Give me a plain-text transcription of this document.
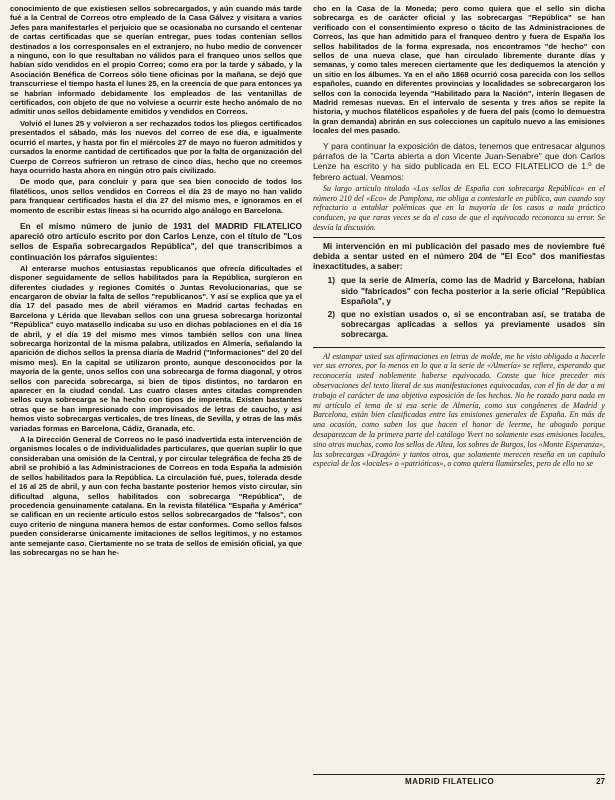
conocimiento de que existiesen sellos sobrecargados, y aún cuando más tarde fué a la Central de Correos otro empleado de la Casa Gálvez y visitara a varios Jefes para manifestarles el perjuicio que se ocasionaba no cursando el centenar de cartas certificadas que se querían entregar, pues todas contenían sellos destinados a los corresponsales en el extranjero, no hubo medio de convencer a ninguno, con lo que resultaban no válidos para el franqueo unos sellos que habían sido vendidos en el propio Correo; como era por la tarde y sábado, y la Asociación Benéfica de Correos sólo tiene oficinas por la mañana, se dejó que transcurriese el tiempo hasta el lunes 25, en la creencia de que para entonces ya se habrían informado debidamente los empleados de las ventanillas de certificados, con objeto de que no volviese a ocurrir este hecho anómalo de no admitir unos sellos debidamente emitidos y vendidos en Correos.

Volvió el lunes 25 y volvieron a ser rechazados todos los pliegos certificados presentados el sábado, más los nuevos del correo de ese día, e igualmente ocurrió el martes, y hasta por fin el miércoles 27 de mayo no fueron admitidos y cursados la enorme cantidad de certificados que por la falta de organización del Cuerpo de Correos sufrieron un retraso de cinco días, hecho que no creemos haya ocurrido hasta ahora en ningún otro país civilizado.

De modo que, para concluir y para que sea bien conocido de todos los filatélicos, unos sellos vendidos en Correos el día 23 de mayo no han valido para franquear certificados hasta el día 27 del mismo mes, e ignoramos en el momento de escribir estas líneas si ha ocurrido algo análogo en Barcelona.

En el mismo número de junio de 1931 del MADRID FILATELICO apareció otro artículo escrito por don Carlos Lenze, con el título de "Los sellos de España sobrecargados República", del que transcribimos a continuación los párrafos siguientes:

Al enterarse muchos entusiastas republicanos que ofrecía dificultades el disponer seguidamente de sellos habilitados para la República, surgieron en diferentes ciudades y regiones Comités o Juntas Revolucionarias, que se encargaron de obviar la falta de sellos "republicanos". Y así se explica que ya el día 17 del pasado mes de abril viéramos en Madrid cartas fechadas en Barcelona y Lérida que llevaban sellos con una gruesa sobrecarga horizontal "República" cuyo matasello indicaba su uso en dichas poblaciones en el día 16 de abril, y el día 19 del mismo mes vimos también sellos con una línea sobrecarga horizontal de la misma palabra, utilizados en Almería, señalando la aparición de dichos sellos la prensa diaria de Madrid ("Informaciones" del 20 del mismo mes). En la capital se utilizaron pronto, aunque desconocidos por la mayoría de la gente, unos sellos con una sobrecarga de forma diagonal, y otros sellos con parecida sobrecarga, si bien de tipos distintos, no tardaron en aparecer en la ciudad condal. Las cuatro clases antes citadas comprenden sellos cuya sobrecarga se ha hecho con tipos de imprenta. Existen bastantes otras que se han impresionado con improvisados de letras de caucho, y así hemos visto sobrecargas verticales, de tres líneas, de Sevilla, y otras de las más variadas formas en Barcelona, Cádiz, Granada, etc.

A la Dirección General de Correos no le pasó inadvertida esta intervención de organismos locales o de individualidades particulares, que querían suplir lo que consideraban una omisión de la Central, y por circular telegráfica de fecha 25 de abril se prohibió a las Administraciones de Correos en toda España la admisión de sellos habilitados para la República. La circulación fué, pues, tolerada desde el 16 al 25 de abril, y aun con fecha bastante posterior hemos visto circular, sin dificultad alguna, sellos habilitados con sobrecarga "República", de procedencia genuinamente catalana. En la revista filatélica "España y América" se califican en un reciente artículo estos sellos sobrecargados de "falsos", con cuyo criterio de ninguna manera hemos de estar conformes. Como sellos falsos pueden considerarse únicamente imitaciones de sellos legítimos, y no estamos ante semejante caso. Ciertamente no se trata de sellos de emisión oficial, ya que las sobrecargas no se han he-

cho en la Casa de la Moneda; pero como quiera que el sello sin dicha sobrecarga es de carácter oficial y las sobrecargas "República" se han verificado con el consentimiento expreso o tácito de las Administraciones de Correos, las que han admitido para el franqueo dentro y fuera de España los sellos habilitados de la forma expresada, nos encontramos "de hecho" con sellos de una nueva clase, que han circulado libremente durante días y semanas, y como tales merecen ciertamente que les dediquemos la atención y un sitio en los álbumes. Ya en el año 1868 ocurrió cosa parecida con los sellos españoles, cuando en diferentes provincias y localidades se sobrecargaron los sellos con la conocida leyenda "Habilitado para la Nación", interín llegasen de Madrid remesas nuevas. En el intervalo de sesenta y tres años se repite la historia, y muchos filatélicos españoles y de fuera del país (como lo demuestra la gran demanda) abrirán en sus colecciones un capítulo nuevo a las emisiones locales del mes pasado.

Y para continuar la exposición de datos, tenemos que entresacar algunos párrafos de la "Carta abierta a don Vicente Juan-Senabre" que don Carlos Lenze ha escrito y ha sido publicada en EL ECO FILATELICO de 1.º de febrero actual. Veamos:

Su largo artículo titulado «Los sellos de España con sobrecarga República» en el número 210 del «Eco» de Pamplona, me obliga a contestarle en público, aun cuando soy refractario a entablar polémicas que en la mayoría de los casos a nada práctico conducen, ya que raras veces se da el caso de que el equivocado reconozca su error. Se desvía la discusión.

Mi intervención en mi publicación del pasado mes de noviembre fué debida a sentar usted en el número 204 de "El Eco" dos manifiestas inexactitudes, a saber:

1) que la serie de Almería, como las de Madrid y Barcelona, habían sido "fabricados" con fecha posterior a la serie oficial "República Española", y
2) que no existían usados o, si se encontraban así, se trataba de sobrecargas aplicadas a sellos ya previamente usados sin sobrecarga.

Al estampar usted sus afirmaciones en letras de molde, me he visto obligado a hacerle ver sus errores, por lo menos en lo que a la serie de «Almería» se refiere, esperando que reconocería usted noblemente haberse equivocado. Conste que hice preceder mis observaciones del texto literal de sus manifestaciones equivocadas, con el fin de dar a mi trabajo el carácter de una objetiva exposición de los hechos. No he rozado para nada en mi artículo el tema de si esa serie de Almería, como sus congéneres de Madrid y Barcelona, están bien clasificadas entre las emisiones generales de España. En más de una ocasión, como saben los que hacen el honor de leerme, he abogado porque desaparezcan de la primera parte del catálogo Yvert no solamente esas emisiones locales, sino otras muchas, como los sellos de Altea, los sobres de Burgos, los «Monte Esperanza», las sobrecargas «Dragón» y tantos otros, que solamente merecen reseña en un capítulo especial de los «locales» o «patrióticos», o como quiera llamárseles, pero de ello no se

MADRID FILATELICO	27
